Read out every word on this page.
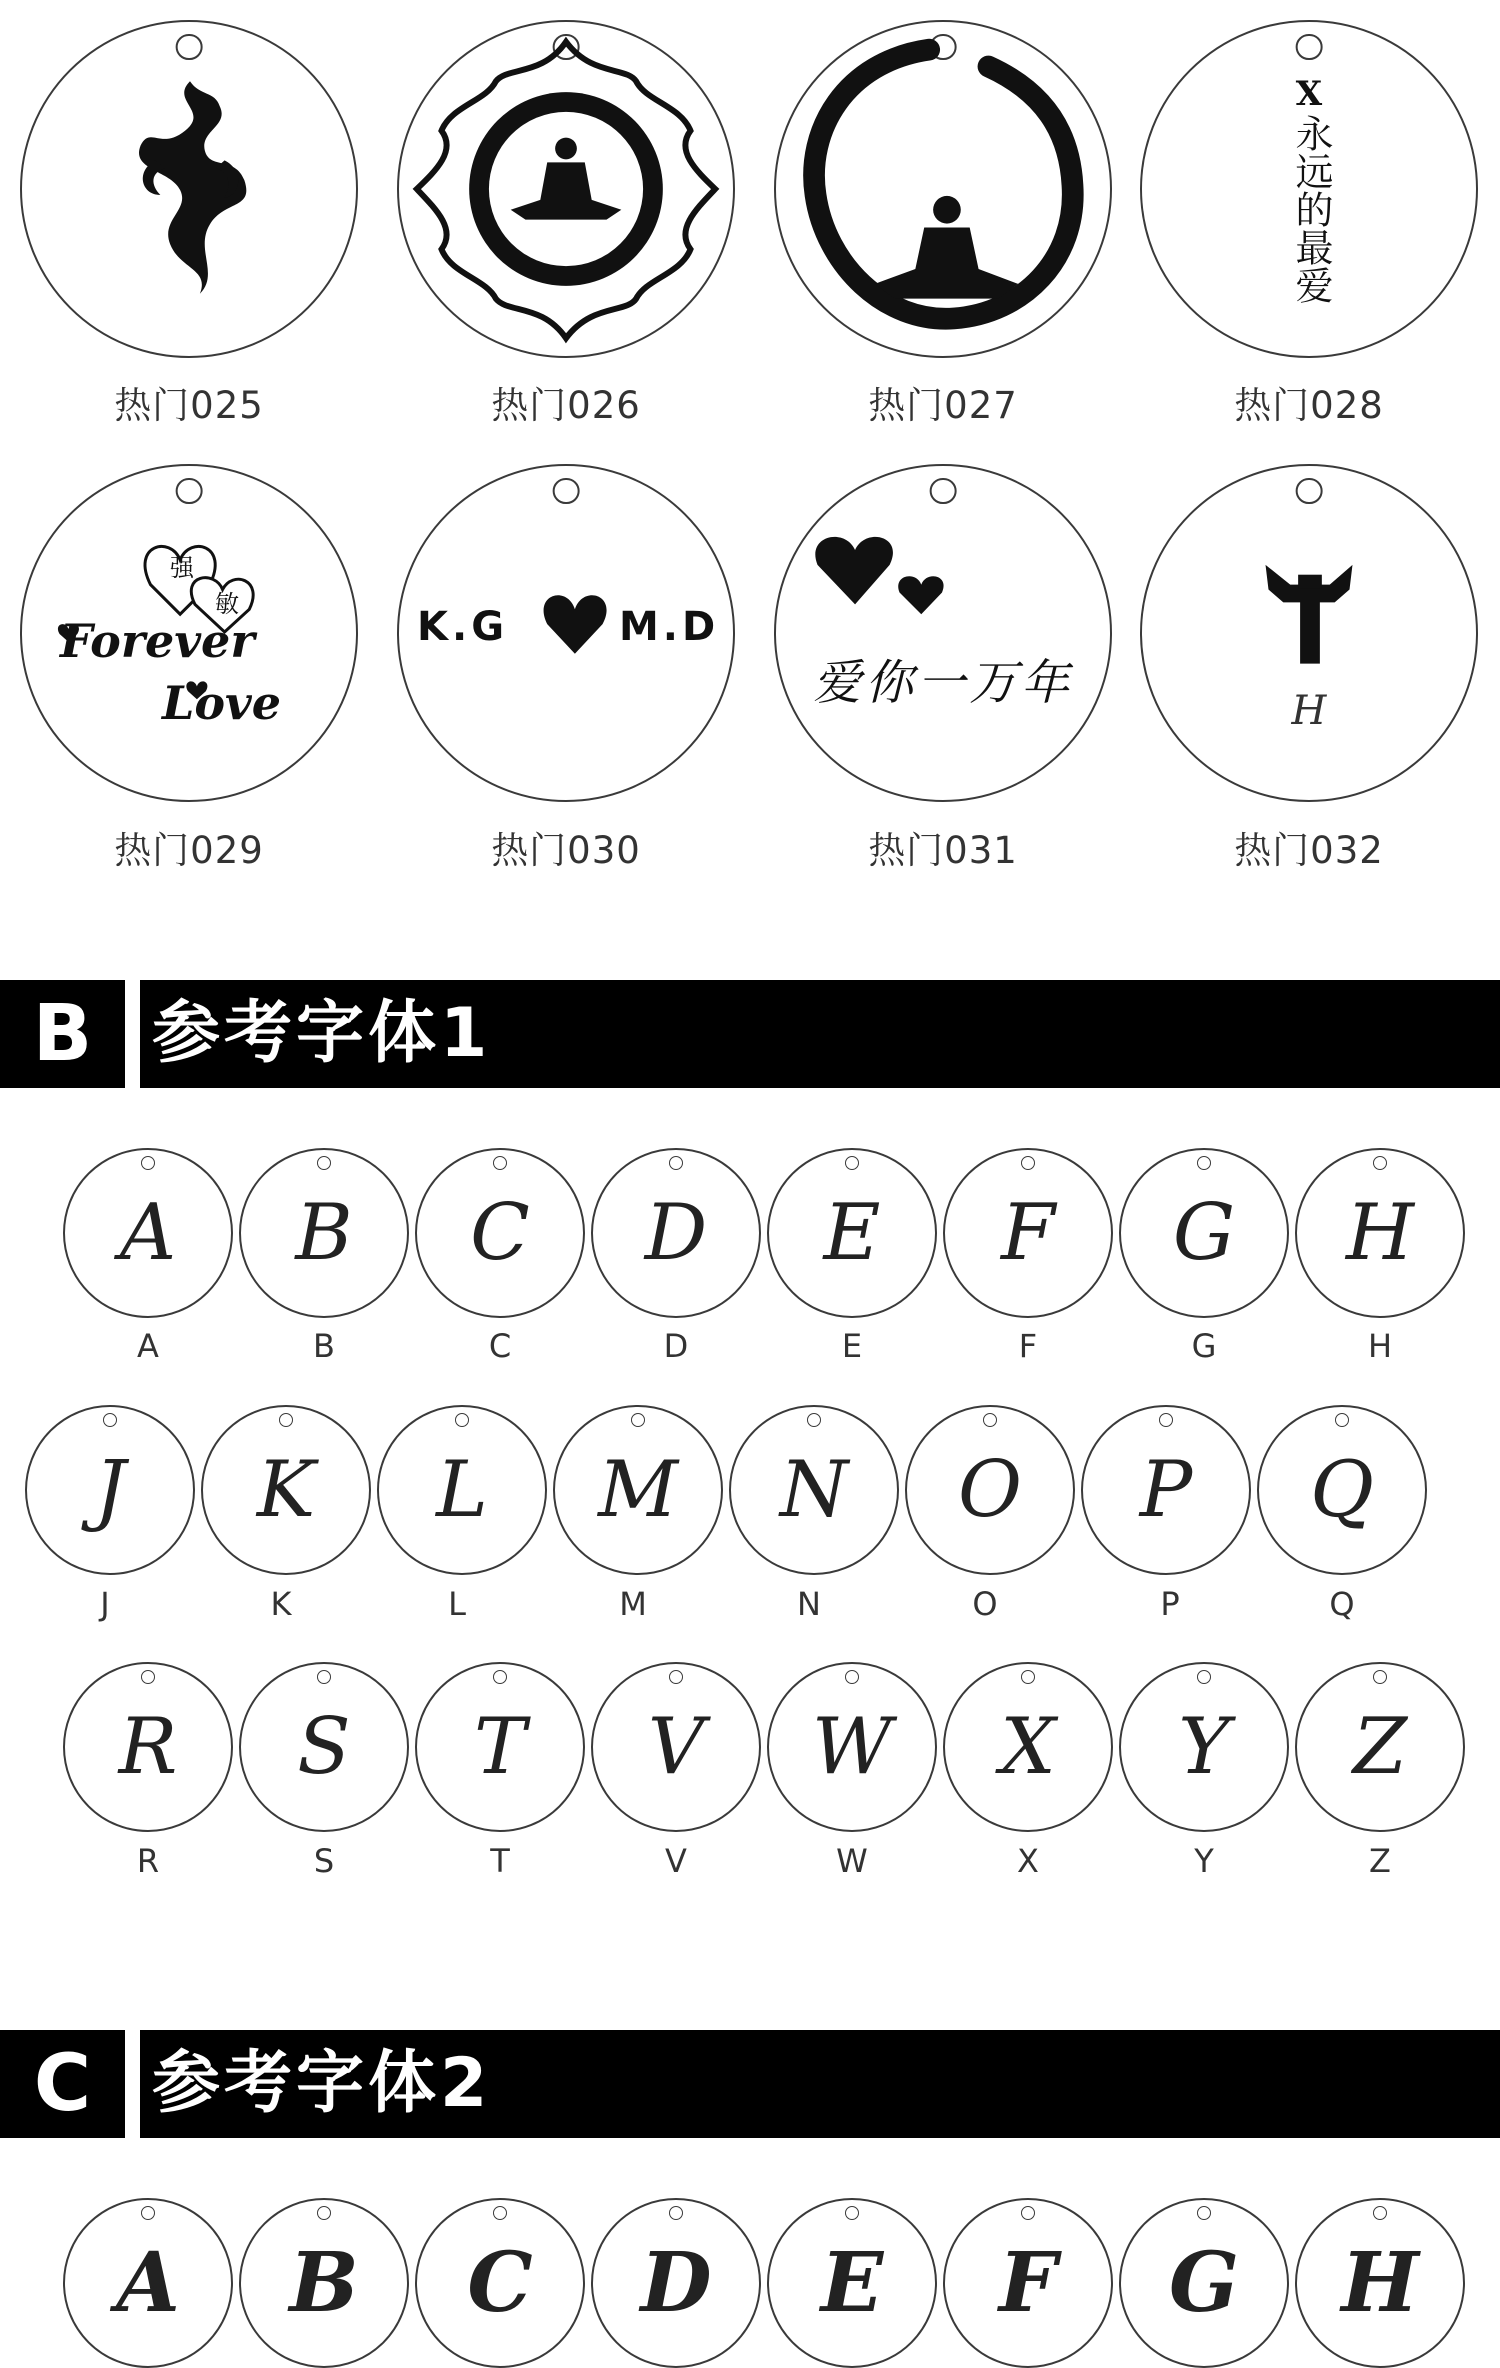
X
永远的最爱
强
敏
Forever
Love
K.G	M.D
爱你一万年	H
热门025	热门026	热门027	热门028
热门029	热门030	热门031	热门032
B 参考字体1
A	B	C	D	E	F	G	H
A	B	C	D	E	F	G	H
J	K	L	M	N	O	P	Q
J	K	L	M	N	O	P	Q
R	S	T	V	W	X	Y	Z
R	S	T	V	W	X	Y	Z
C 参考字体2
A	B	C	D	E	F	G	H
